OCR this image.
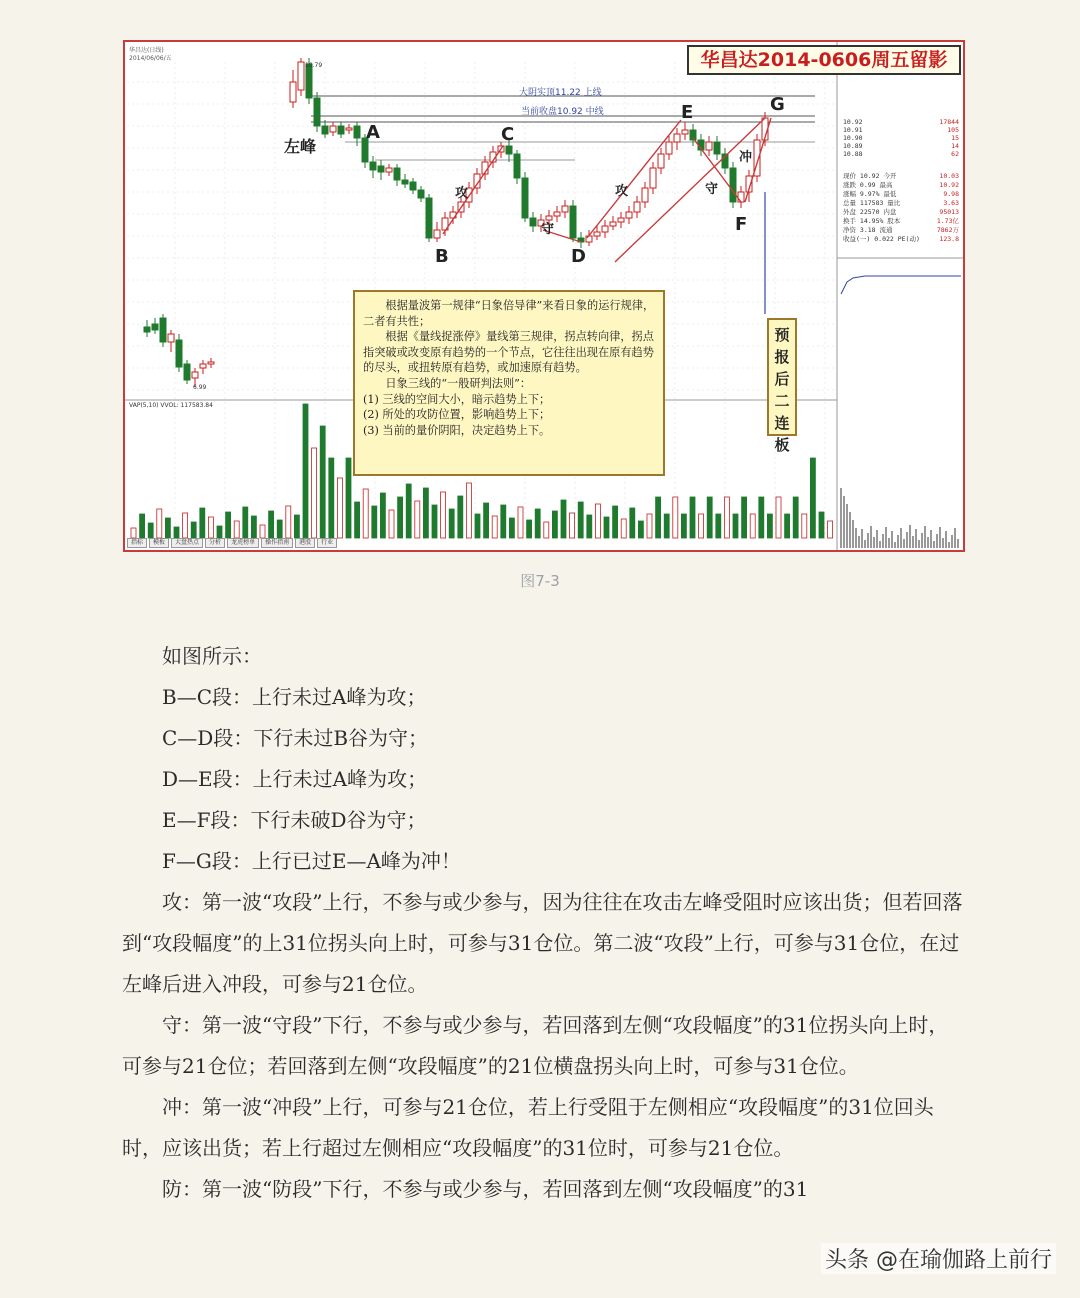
华昌达(日线)
2014/06/06/五	华昌达2014-0606周五留影
大阴实顶11.22 上线
当前收盘10.92 中线
10.79
6.99
左峰
A
B
C
D
E
F
G
攻
守
攻	守
冲

根据量波第一规律“日象倍导律”来看日象的运行规律，二者有共性；

根据《量线捉涨停》量线第三规律，拐点转向律，拐点指突破或改变原有趋势的一个节点，它往往出现在原有趋势的尽头，或扭转原有趋势，或加速原有趋势。

日象三线的“一般研判法则”：

(1) 三线的空间大小，暗示趋势上下；

(2) 所处的攻防位置，影响趋势上下；

(3) 当前的量价阴阳，决定趋势上下。

预
报
后
二
连
板
VAP(5,10) VVOL: 117583.84
10.92	17844
10.91	105
10.90	15
10.89	14
10.88	62
现价 10.92 今开	10.03
涨跌 0.99 最高	10.92
涨幅 9.97% 最低	9.98
总量 117583 量比	3.63
外盘 22570 内盘	95013
换手 14.95% 股本	1.73亿
净资 3.18 流通	7862万
收益(一) 0.022 PE(动)	123.8
指标	模板	大盘热点	分析	龙虎榜单	操作指南	港股	行业
图7-3

如图所示：

B—C段：上行未过A峰为攻；

C—D段：下行未过B谷为守；

D—E段：上行未过A峰为攻；

E—F段：下行未破D谷为守；

F—G段：上行已过E—A峰为冲！

攻：第一波“攻段”上行，不参与或少参与，因为往往在攻击左峰受阻时应该出货；但若回落到“攻段幅度”的上31位拐头向上时，可参与31仓位。第二波“攻段”上行，可参与31仓位，在过左峰后进入冲段，可参与21仓位。

守：第一波“守段”下行，不参与或少参与，若回落到左侧“攻段幅度”的31位拐头向上时，可参与21仓位；若回落到左侧“攻段幅度”的21位横盘拐头向上时，可参与31仓位。

冲：第一波“冲段”上行，可参与21仓位，若上行受阻于左侧相应“攻段幅度”的31位回头时，应该出货；若上行超过左侧相应“攻段幅度”的31位时，可参与21仓位。

防：第一波“防段”下行，不参与或少参与，若回落到左侧“攻段幅度”的31

头条 @在瑜伽路上前行
